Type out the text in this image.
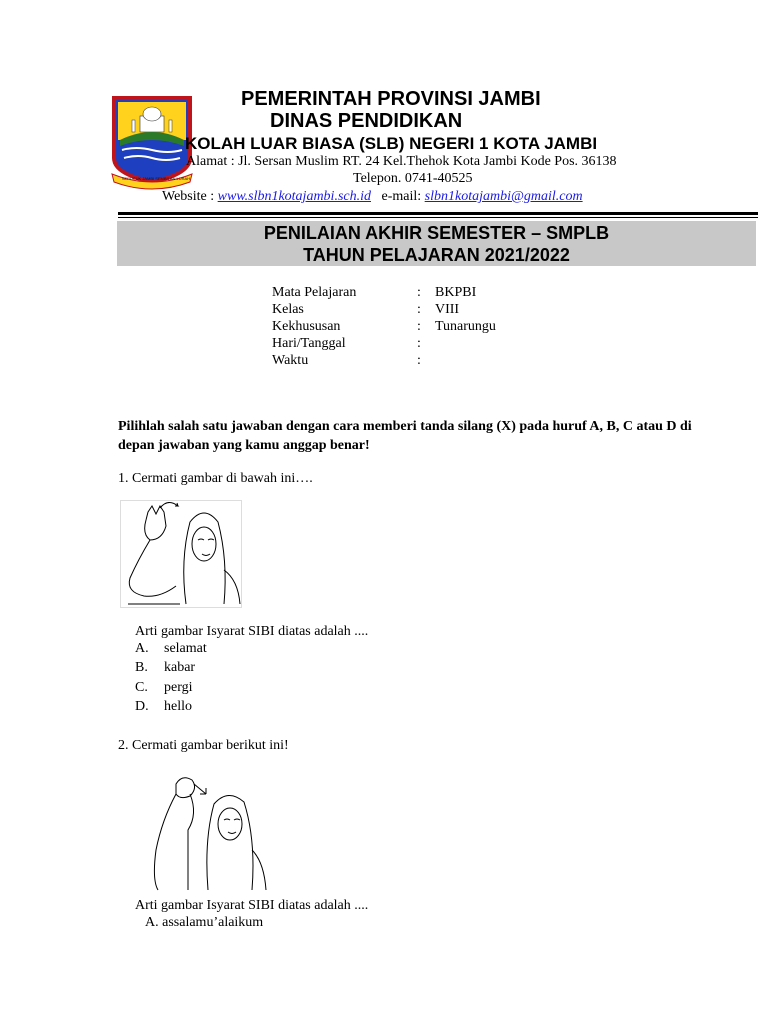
SEPUCUK JAMBI SEMBILAN LURAH
PEMERINTAH PROVINSI JAMBI
DINAS PENDIDIKAN
KOLAH LUAR BIASA (SLB) NEGERI 1 KOTA JAMBI
Alamat : Jl. Sersan Muslim RT. 24 Kel.Thehok Kota Jambi Kode Pos. 36138
Telepon. 0741-40525
Website : www.slbn1kotajambi.sch.id e-mail: slbn1kotajambi@gmail.com
PENILAIAN AKHIR SEMESTER – SMPLB
TAHUN PELAJARAN 2021/2022
Mata Pelajaran	:	BKPBI
Kelas	:	VIII
Kekhususan	:	Tunarungu
Hari/Tanggal	:
Waktu	:
Pilihlah salah satu jawaban dengan cara memberi tanda silang (X) pada huruf A, B, C atau D di depan jawaban yang kamu anggap benar!
1. Cermati gambar di bawah ini….
Arti gambar Isyarat SIBI diatas adalah ....
A.	selamat
B.	kabar
C.	pergi
D.	hello
2. Cermati gambar berikut ini!
Arti gambar Isyarat SIBI diatas adalah ....
A. assalamu’alaikum
